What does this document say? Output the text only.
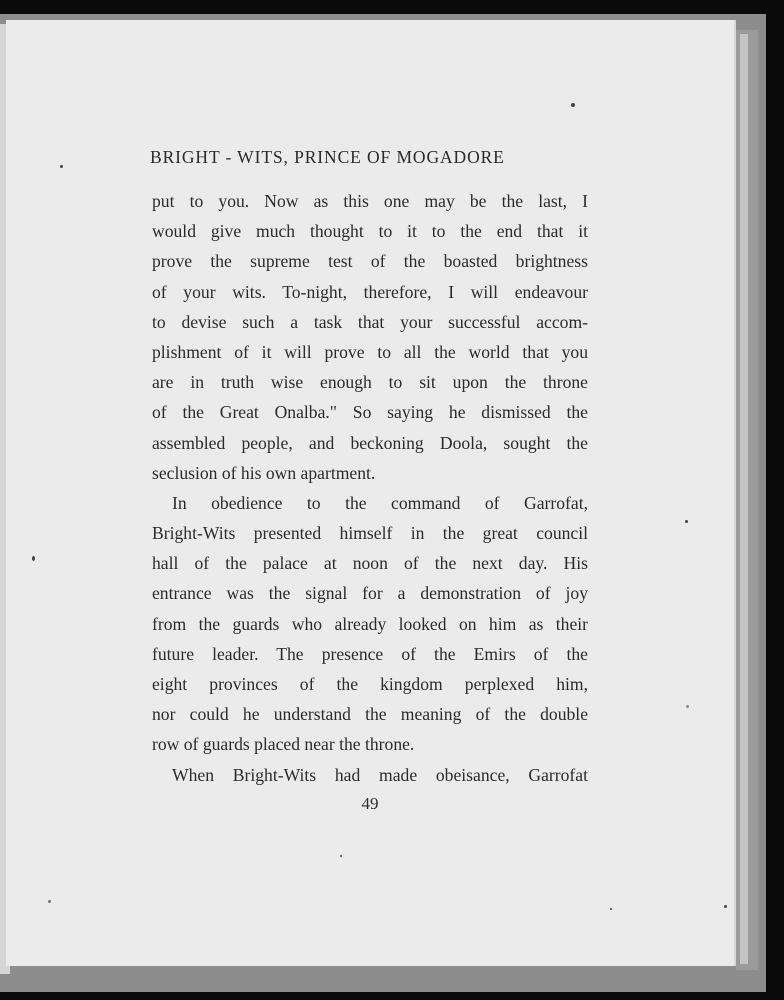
BRIGHT - WITS, PRINCE OF MOGADORE
put to you. Now as this one may be the last, I
would give much thought to it to the end that it
prove the supreme test of the boasted brightness
of your wits. To-night, therefore, I will endeavour
to devise such a task that your successful accom-
plishment of it will prove to all the world that you
are in truth wise enough to sit upon the throne
of the Great Onalba." So saying he dismissed the
assembled people, and beckoning Doola, sought the
seclusion of his own apartment.
In obedience to the command of Garrofat,
Bright-Wits presented himself in the great council
hall of the palace at noon of the next day. His
entrance was the signal for a demonstration of joy
from the guards who already looked on him as their
future leader. The presence of the Emirs of the
eight provinces of the kingdom perplexed him,
nor could he understand the meaning of the double
row of guards placed near the throne.
When Bright-Wits had made obeisance, Garrofat
49
